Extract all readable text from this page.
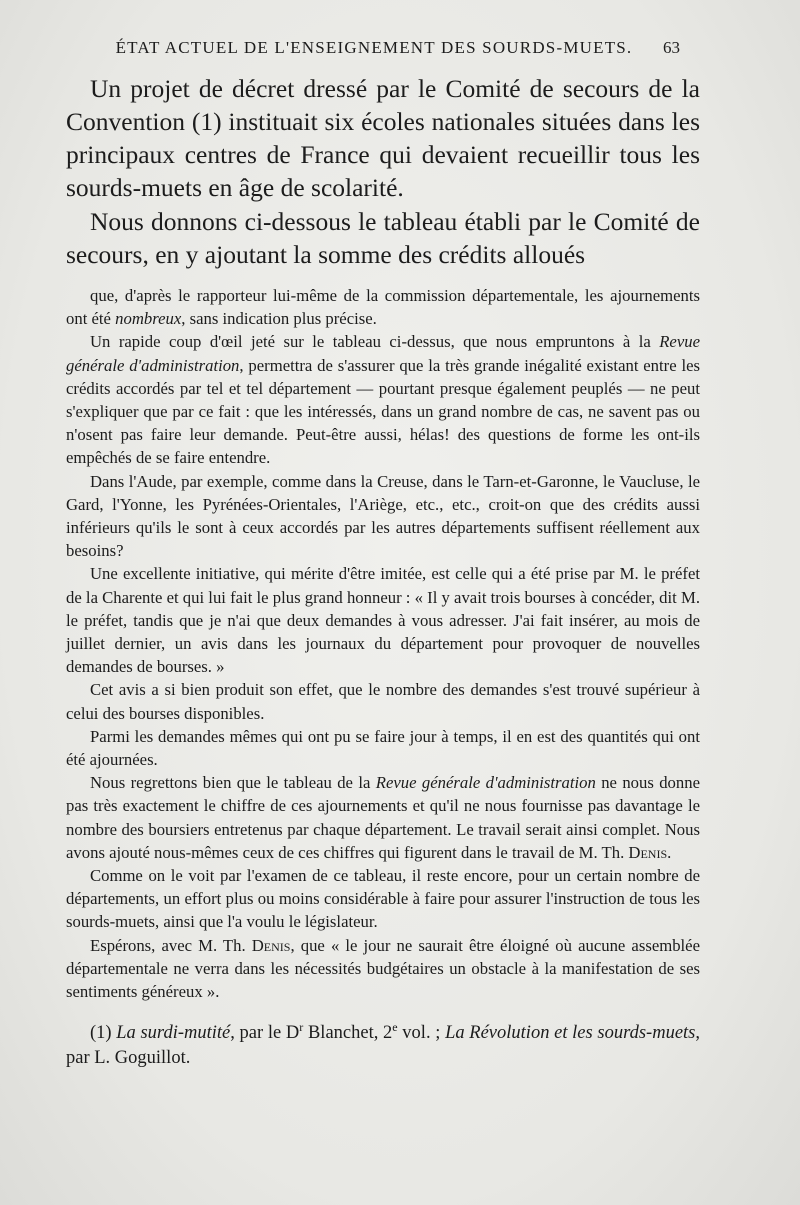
ÉTAT ACTUEL DE L'ENSEIGNEMENT DES SOURDS-MUETS.	63

Un projet de décret dressé par le Comité de secours de la Convention (1) instituait six écoles nationales situées dans les principaux centres de France qui devaient recueillir tous les sourds-muets en âge de scolarité.

Nous donnons ci-dessous le tableau établi par le Comité de secours, en y ajoutant la somme des crédits alloués

que, d'après le rapporteur lui-même de la commission départementale, les ajournements ont été nombreux, sans indication plus précise.

Un rapide coup d'œil jeté sur le tableau ci-dessus, que nous empruntons à la Revue générale d'administration, permettra de s'assurer que la très grande inégalité existant entre les crédits accordés par tel et tel département — pourtant presque également peuplés — ne peut s'expliquer que par ce fait : que les intéressés, dans un grand nombre de cas, ne savent pas ou n'osent pas faire leur demande. Peut-être aussi, hélas! des questions de forme les ont-ils empêchés de se faire entendre.

Dans l'Aude, par exemple, comme dans la Creuse, dans le Tarn-et-Garonne, le Vaucluse, le Gard, l'Yonne, les Pyrénées-Orientales, l'Ariège, etc., etc., croit-on que des crédits aussi inférieurs qu'ils le sont à ceux accordés par les autres départements suffisent réellement aux besoins?

Une excellente initiative, qui mérite d'être imitée, est celle qui a été prise par M. le préfet de la Charente et qui lui fait le plus grand honneur : « Il y avait trois bourses à concéder, dit M. le préfet, tandis que je n'ai que deux demandes à vous adresser. J'ai fait insérer, au mois de juillet dernier, un avis dans les journaux du département pour provoquer de nouvelles demandes de bourses. »

Cet avis a si bien produit son effet, que le nombre des demandes s'est trouvé supérieur à celui des bourses disponibles.

Parmi les demandes mêmes qui ont pu se faire jour à temps, il en est des quantités qui ont été ajournées.

Nous regrettons bien que le tableau de la Revue générale d'administration ne nous donne pas très exactement le chiffre de ces ajournements et qu'il ne nous fournisse pas davantage le nombre des boursiers entretenus par chaque département. Le travail serait ainsi complet. Nous avons ajouté nous-mêmes ceux de ces chiffres qui figurent dans le travail de M. Th. Denis.

Comme on le voit par l'examen de ce tableau, il reste encore, pour un certain nombre de départements, un effort plus ou moins considérable à faire pour assurer l'instruction de tous les sourds-muets, ainsi que l'a voulu le législateur.

Espérons, avec M. Th. Denis, que « le jour ne saurait être éloigné où aucune assemblée départementale ne verra dans les nécessités budgétaires un obstacle à la manifestation de ses sentiments généreux ».

(1) La surdi-mutité, par le $D^r$ Blanchet, 2e vol. ; La Révolution et les sourds-muets, par L. Goguillot.
